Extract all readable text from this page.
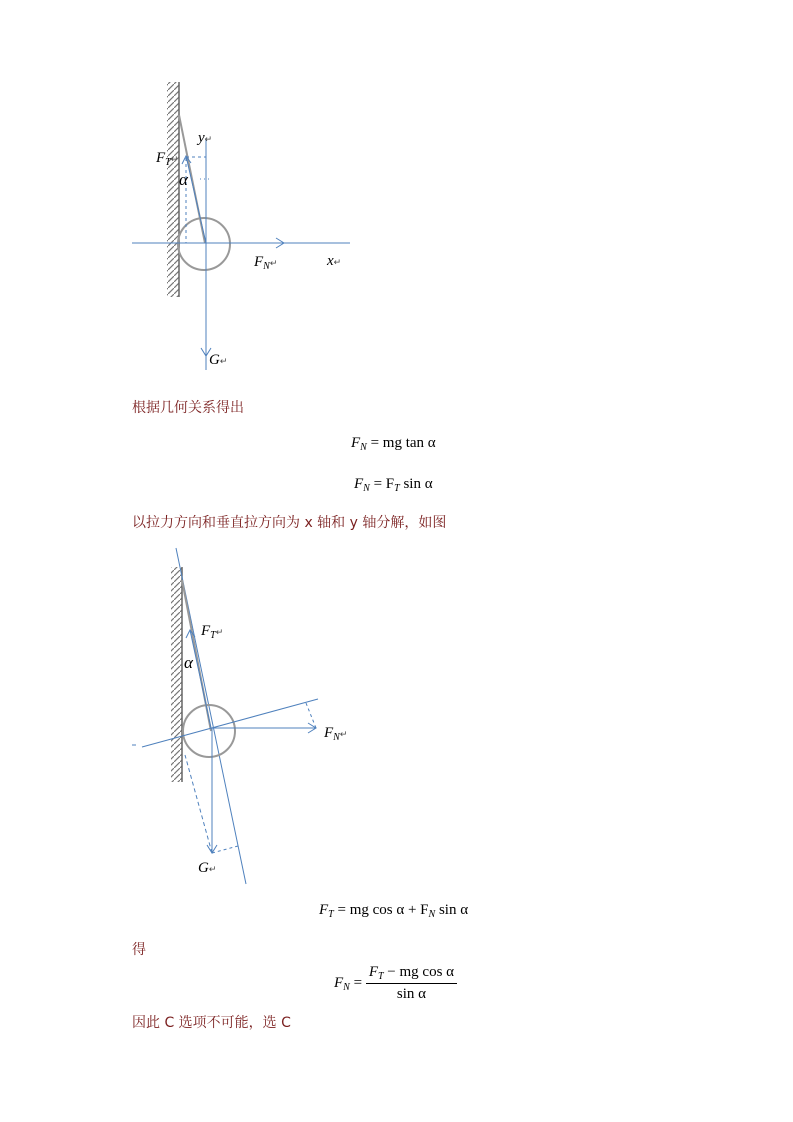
y↵
$F_T↵$
α
$F_N↵$	x↵
G↵
根据几何关系得出
$F_N$ = mg tan α
$F_N = F_T$ sin α
以拉力方向和垂直拉方向为 x 轴和 y 轴分解，如图
$F_T↵$
α
$F_N↵$
G↵
$F_T$ = mg $\cos \alpha + F_N$ sin α
得
$F_N = \frac{F_T - mg \cos \alpha}{\text{sin α}}$
因此 C 选项不可能，选 C
